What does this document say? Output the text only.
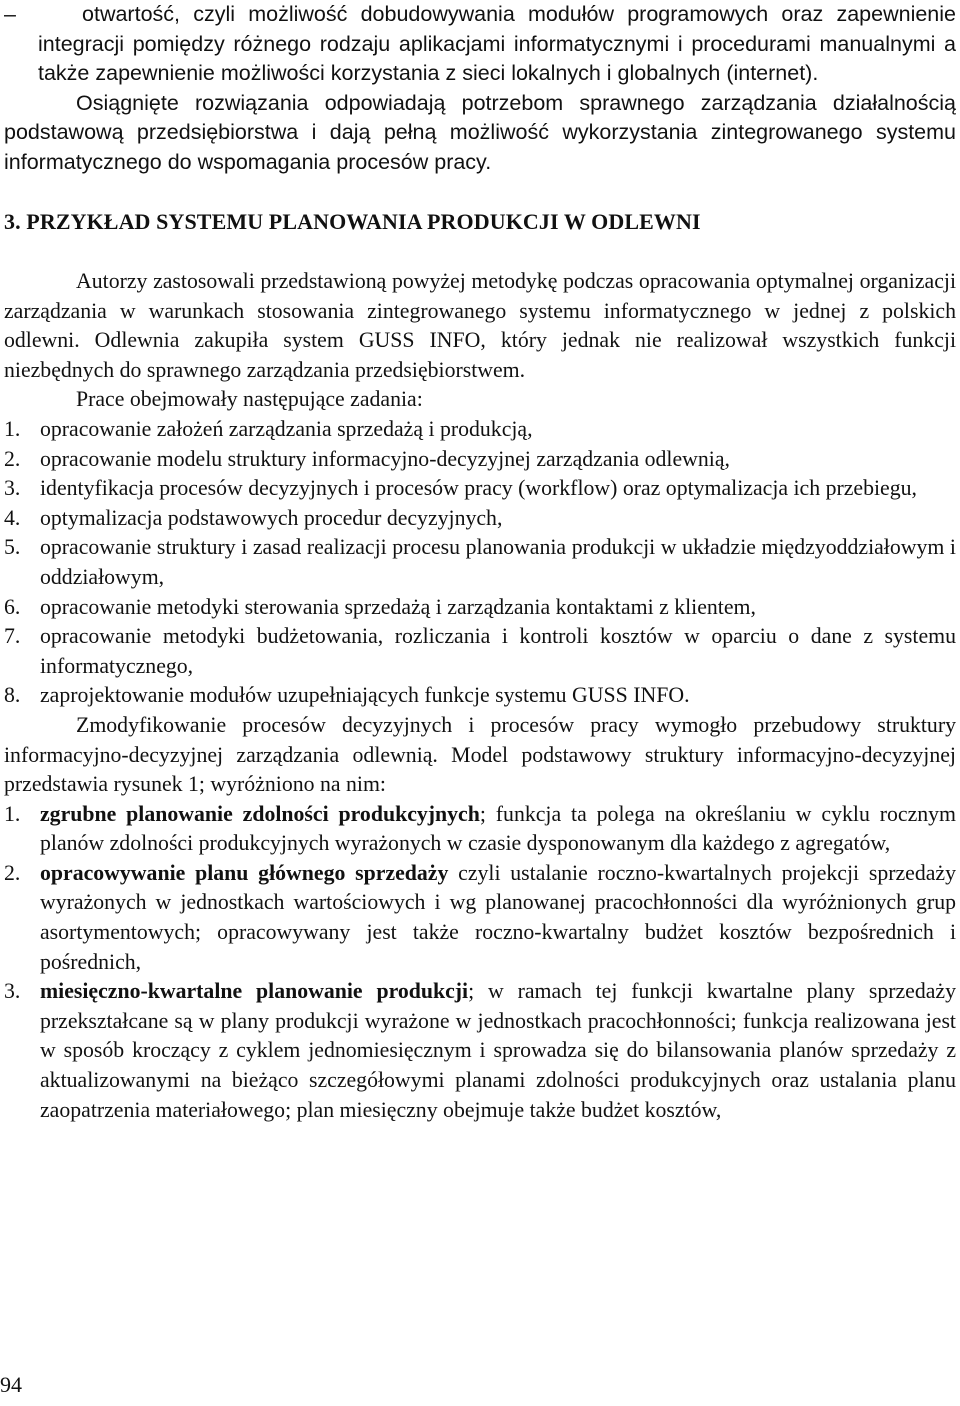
–	otwartość, czyli możliwość dobudowywania modułów programowych oraz zapewnienie integracji pomiędzy różnego rodzaju aplikacjami informatycznymi i procedurami manualnymi a także zapewnienie możliwości korzystania z sieci lokalnych i globalnych (internet).

Osiągnięte rozwiązania odpowiadają potrzebom sprawnego zarządzania działalnością podstawową przedsiębiorstwa i dają pełną możliwość wykorzystania zintegrowanego systemu informatycznego do wspomagania procesów pracy.

3. PRZYKŁAD SYSTEMU PLANOWANIA PRODUKCJI W ODLEWNI

Autorzy zastosowali przedstawioną powyżej metodykę podczas opracowania optymalnej organizacji zarządzania w warunkach stosowania zintegrowanego systemu informatycznego w jednej z polskich odlewni. Odlewnia zakupiła system GUSS INFO, który jednak nie realizował wszystkich funkcji niezbędnych do sprawnego zarządzania przedsiębiorstwem.

Prace obejmowały następujące zadania:

1. opracowanie założeń zarządzania sprzedażą i produkcją,
2. opracowanie modelu struktury informacyjno-decyzyjnej zarządzania odlewnią,
3. identyfikacja procesów decyzyjnych i procesów pracy (workflow) oraz optymalizacja ich przebiegu,
4. optymalizacja podstawowych procedur decyzyjnych,
5. opracowanie struktury i zasad realizacji procesu planowania produkcji w układzie międzyoddziałowym i oddziałowym,
6. opracowanie metodyki sterowania sprzedażą i zarządzania kontaktami z klientem,
7. opracowanie metodyki budżetowania, rozliczania i kontroli kosztów w oparciu o dane z systemu informatycznego,
8. zaprojektowanie modułów uzupełniających funkcje systemu GUSS INFO.

Zmodyfikowanie procesów decyzyjnych i procesów pracy wymogło przebudowy struktury informacyjno-decyzyjnej zarządzania odlewnią. Model podstawowy struktury informacyjno-decyzyjnej przedstawia rysunek 1; wyróżniono na nim:

1. zgrubne planowanie zdolności produkcyjnych; funkcja ta polega na określaniu w cyklu rocznym planów zdolności produkcyjnych wyrażonych w czasie dysponowanym dla każdego z agregatów,
2. opracowywanie planu głównego sprzedaży czyli ustalanie roczno-kwartalnych projekcji sprzedaży wyrażonych w jednostkach wartościowych i wg planowanej pracochłonności dla wyróżnionych grup asortymentowych; opracowywany jest także roczno-kwartalny budżet kosztów bezpośrednich i pośrednich,
3. miesięczno-kwartalne planowanie produkcji; w ramach tej funkcji kwartalne plany sprzedaży przekształcane są w plany produkcji wyrażone w jednostkach pracochłonności; funkcja realizowana jest w sposób kroczący z cyklem jednomiesięcznym i sprowadza się do bilansowania planów sprzedaży z aktualizowanymi na bieżąco szczegółowymi planami zdolności produkcyjnych oraz ustalania planu zaopatrzenia materiałowego; plan miesięczny obejmuje także budżet kosztów,
94
